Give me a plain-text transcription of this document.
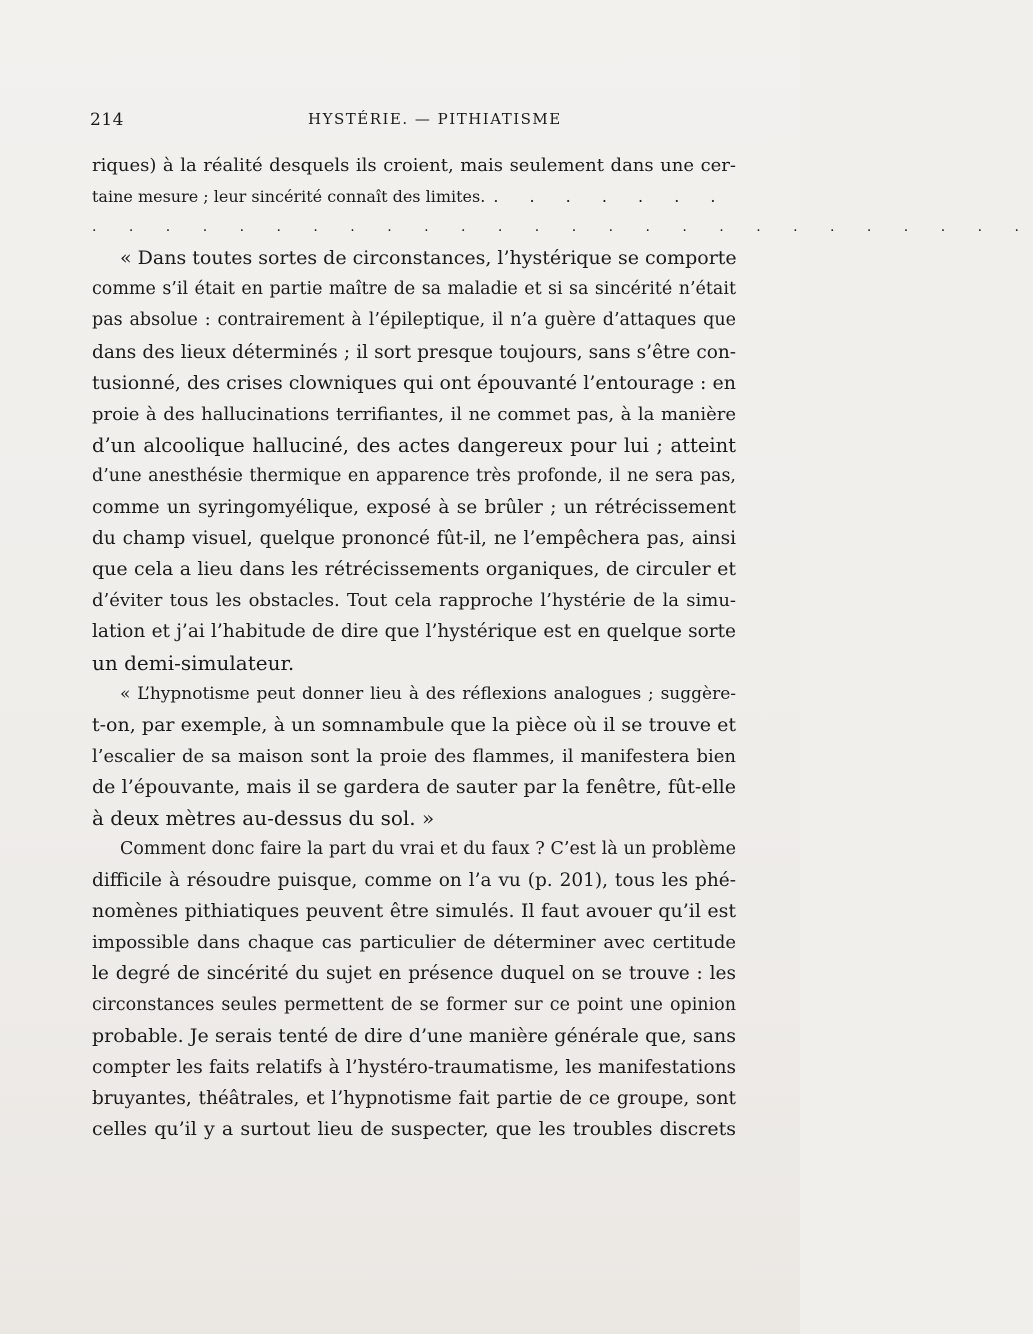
214	HYSTÉRIE. — PITHIATISME
riques) à la réalité desquels ils croient, mais seulement dans une cer-
taine mesure ; leur sincérité connaît des limites. . . . . . . .
. . . . . . . . . . . . . . . . . . . . . . . . . .
« Dans toutes sortes de circonstances, l’hystérique se comporte
comme s’il était en partie maître de sa maladie et si sa sincérité n’était
pas absolue : contrairement à l’épileptique, il n’a guère d’attaques que
dans des lieux déterminés ; il sort presque toujours, sans s’être con-
tusionné, des crises clowniques qui ont épouvanté l’entourage : en
proie à des hallucinations terrifiantes, il ne commet pas, à la manière
d’un alcoolique halluciné, des actes dangereux pour lui ; atteint
d’une anesthésie thermique en apparence très profonde, il ne sera pas,
comme un syringomyélique, exposé à se brûler ; un rétrécissement
du champ visuel, quelque prononcé fût-il, ne l’empêchera pas, ainsi
que cela a lieu dans les rétrécissements organiques, de circuler et
d’éviter tous les obstacles. Tout cela rapproche l’hystérie de la simu-
lation et j’ai l’habitude de dire que l’hystérique est en quelque sorte
un demi-simulateur.
« L’hypnotisme peut donner lieu à des réflexions analogues ; suggère-
t-on, par exemple, à un somnambule que la pièce où il se trouve et
l’escalier de sa maison sont la proie des flammes, il manifestera bien
de l’épouvante, mais il se gardera de sauter par la fenêtre, fût-elle
à deux mètres au-dessus du sol. »
Comment donc faire la part du vrai et du faux ? C’est là un problème
difficile à résoudre puisque, comme on l’a vu (p. 201), tous les phé-
nomènes pithiatiques peuvent être simulés. Il faut avouer qu’il est
impossible dans chaque cas particulier de déterminer avec certitude
le degré de sincérité du sujet en présence duquel on se trouve : les
circonstances seules permettent de se former sur ce point une opinion
probable. Je serais tenté de dire d’une manière générale que, sans
compter les faits relatifs à l’hystéro-traumatisme, les manifestations
bruyantes, théâtrales, et l’hypnotisme fait partie de ce groupe, sont
celles qu’il y a surtout lieu de suspecter, que les troubles discrets
